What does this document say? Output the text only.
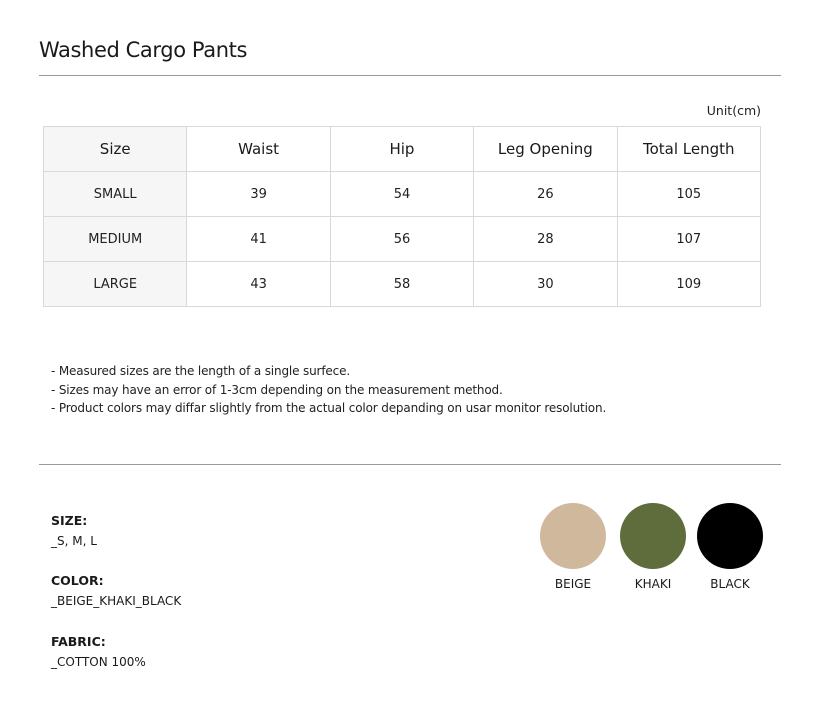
Washed Cargo Pants
Unit(cm)
Size	Waist	Hip	Leg Opening	Total Length
SMALL	39	54	26	105
MEDIUM	41	56	28	107
LARGE	43	58	30	109
- Measured sizes are the length of a single surfece.
- Sizes may have an error of 1-3cm depending on the measurement method.
- Product colors may diffar slightly from the actual color depanding on usar monitor resolution.
SIZE:
_S, M, L
COLOR:
_BEIGE_KHAKI_BLACK
FABRIC:
_COTTON 100%
BEIGE	KHAKI	BLACK
